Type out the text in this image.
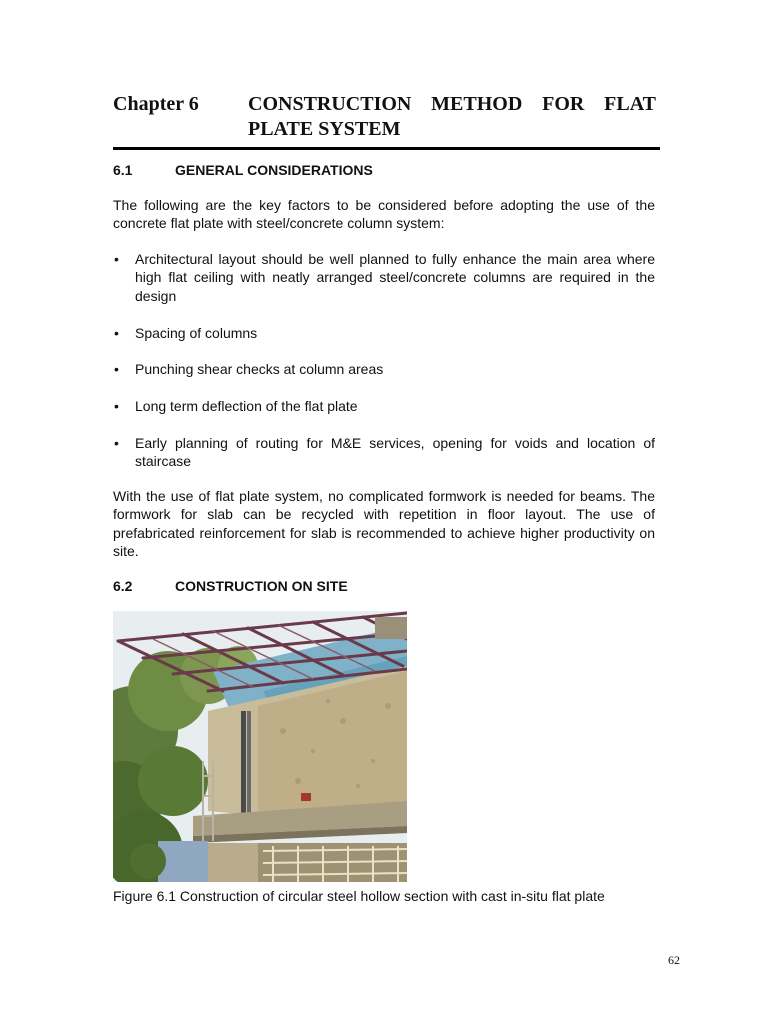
Chapter 6 CONSTRUCTION METHOD FOR FLAT PLATE SYSTEM
6.1	GENERAL CONSIDERATIONS

The following are the key factors to be considered before adopting the use of the concrete flat plate with steel/concrete column system:

• Architectural layout should be well planned to fully enhance the main area where high flat ceiling with neatly arranged steel/concrete columns are required in the design
• Spacing of columns
• Punching shear checks at column areas
• Long term deflection of the flat plate
• Early planning of routing for M&E services, opening for voids and location of staircase

With the use of flat plate system, no complicated formwork is needed for beams. The formwork for slab can be recycled with repetition in floor layout. The use of prefabricated reinforcement for slab is recommended to achieve higher productivity on site.

6.2	CONSTRUCTION ON SITE
Figure 6.1 Construction of circular steel hollow section with cast in-situ flat plate
62
